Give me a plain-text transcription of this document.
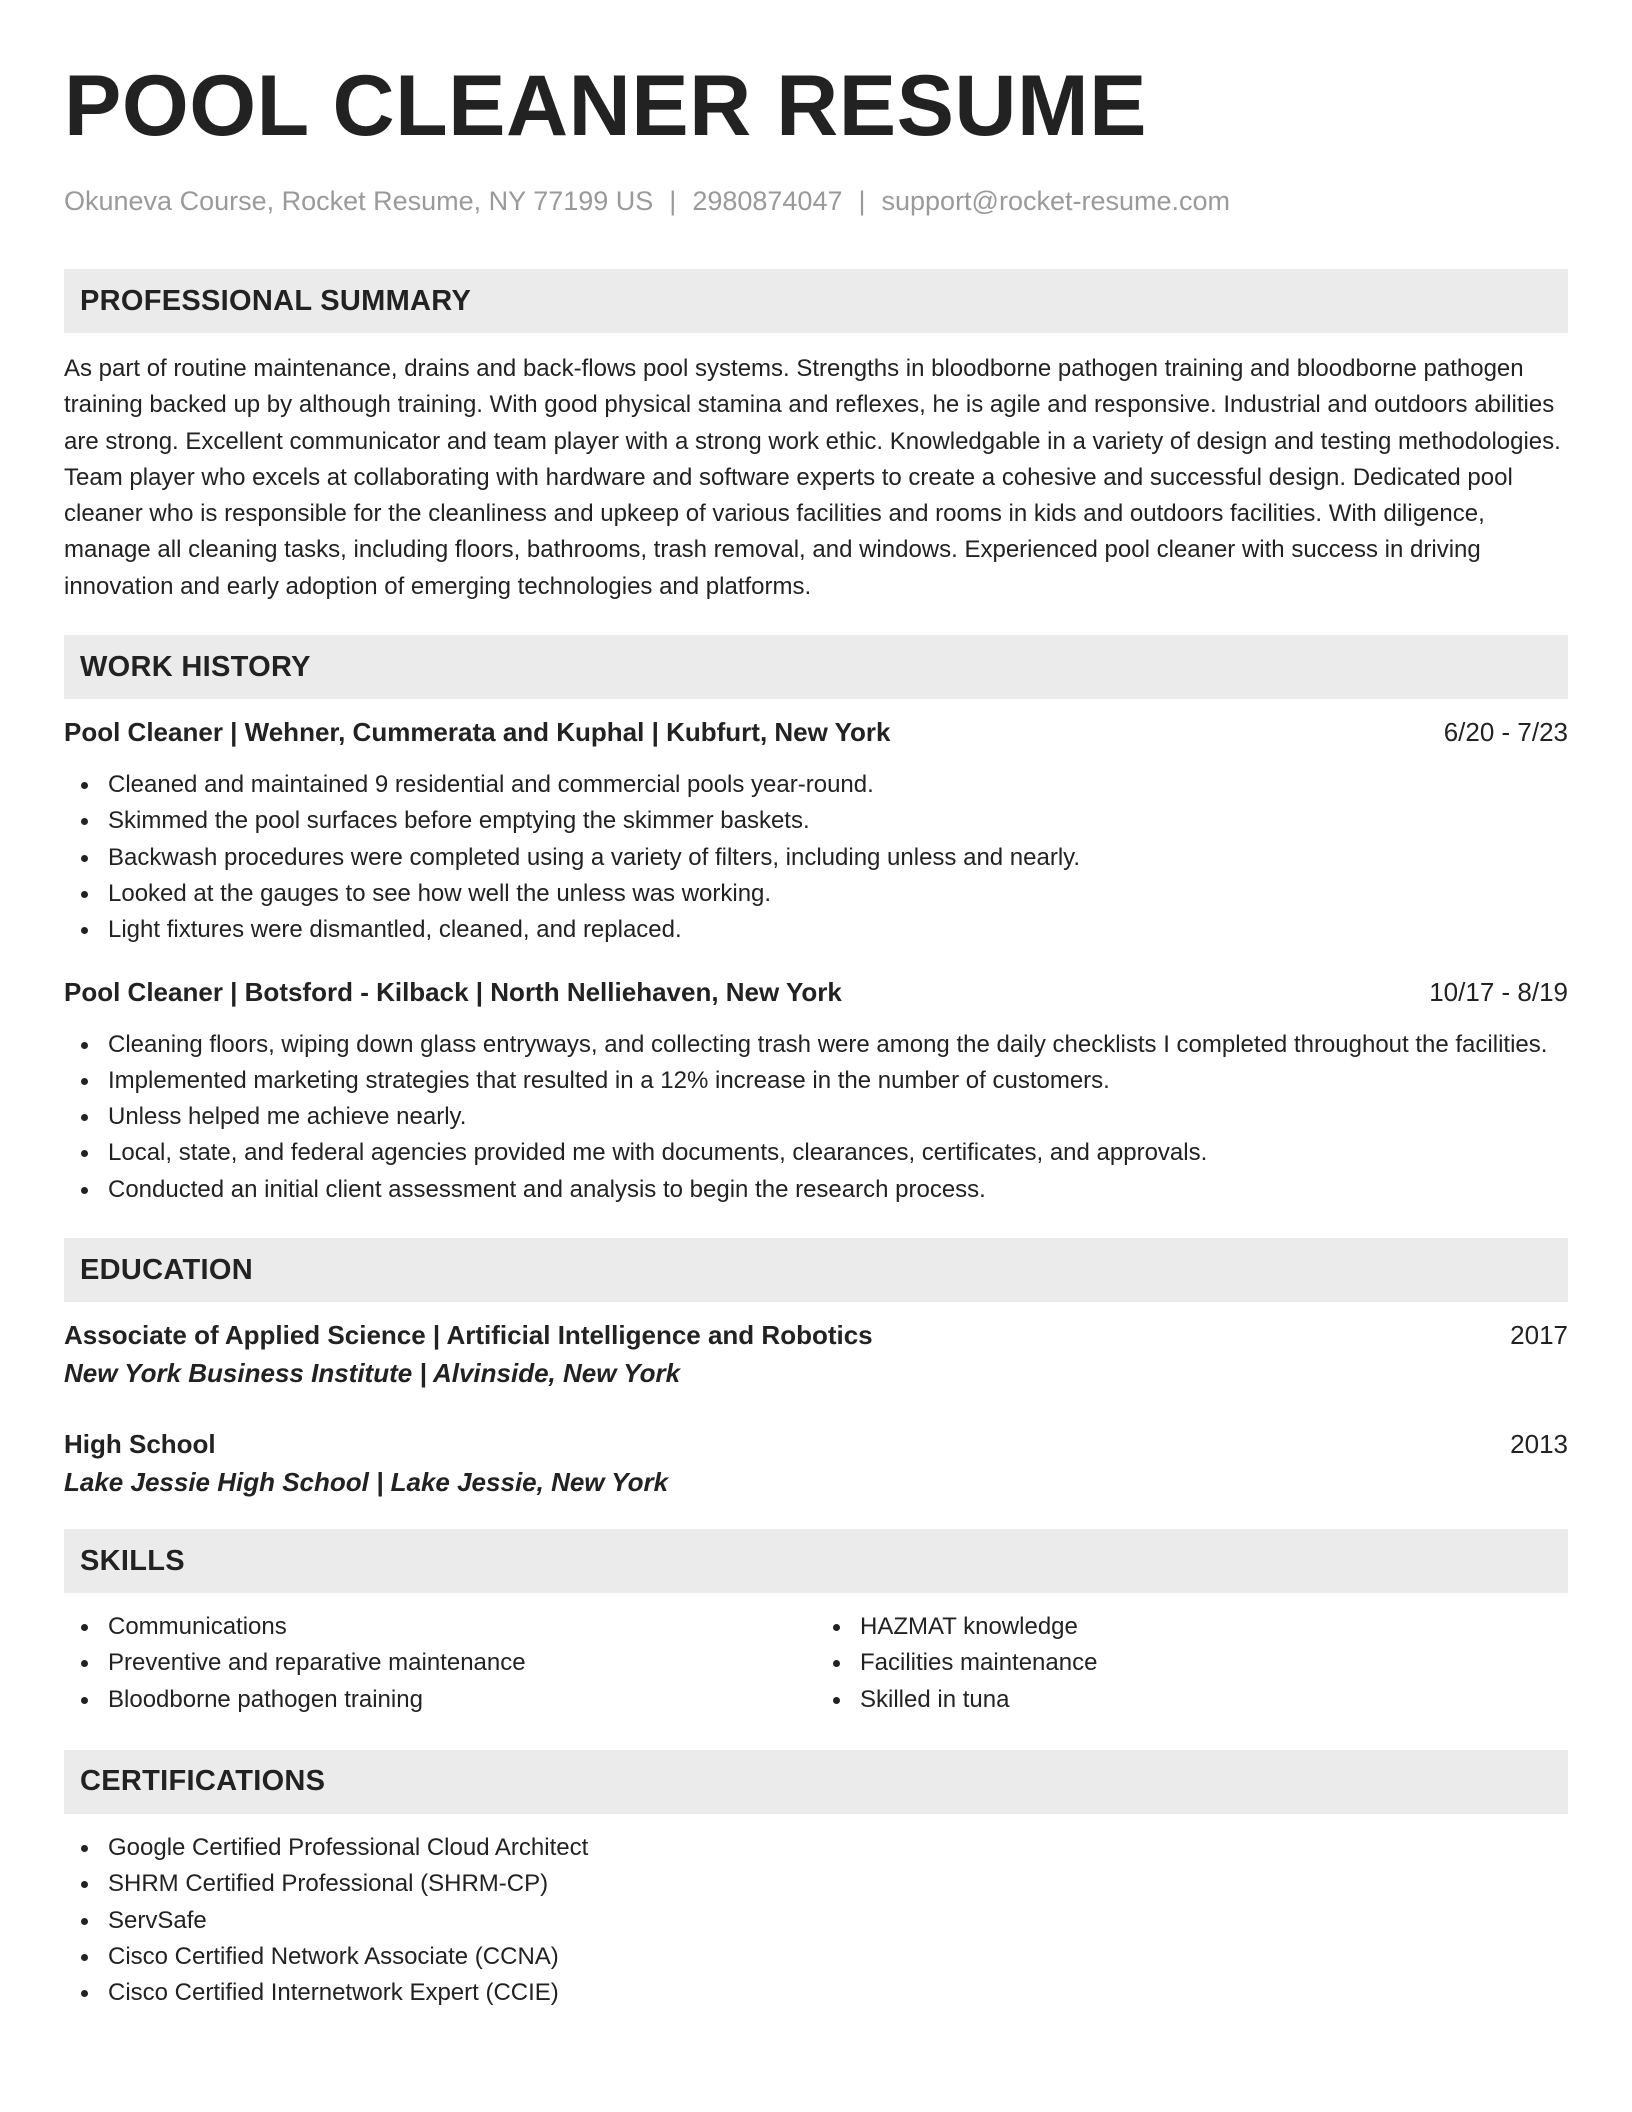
POOL CLEANER RESUME
Okuneva Course, Rocket Resume, NY 77199 US | 2980874047 | support@rocket-resume.com
PROFESSIONAL SUMMARY

As part of routine maintenance, drains and back-flows pool systems. Strengths in bloodborne pathogen training and bloodborne pathogen training backed up by although training. With good physical stamina and reflexes, he is agile and responsive. Industrial and outdoors abilities are strong. Excellent communicator and team player with a strong work ethic. Knowledgable in a variety of design and testing methodologies. Team player who excels at collaborating with hardware and software experts to create a cohesive and successful design. Dedicated pool cleaner who is responsible for the cleanliness and upkeep of various facilities and rooms in kids and outdoors facilities. With diligence, manage all cleaning tasks, including floors, bathrooms, trash removal, and windows. Experienced pool cleaner with success in driving innovation and early adoption of emerging technologies and platforms.

WORK HISTORY
Pool Cleaner | Wehner, Cummerata and Kuphal | Kubfurt, New York	6/20 - 7/23
Cleaned and maintained 9 residential and commercial pools year-round.
Skimmed the pool surfaces before emptying the skimmer baskets.
Backwash procedures were completed using a variety of filters, including unless and nearly.
Looked at the gauges to see how well the unless was working.
Light fixtures were dismantled, cleaned, and replaced.
Pool Cleaner | Botsford - Kilback | North Nelliehaven, New York	10/17 - 8/19
Cleaning floors, wiping down glass entryways, and collecting trash were among the daily checklists I completed throughout the facilities.
Implemented marketing strategies that resulted in a 12% increase in the number of customers.
Unless helped me achieve nearly.
Local, state, and federal agencies provided me with documents, clearances, certificates, and approvals.
Conducted an initial client assessment and analysis to begin the research process.
EDUCATION
Associate of Applied Science | Artificial Intelligence and Robotics	2017
New York Business Institute | Alvinside, New York
High School	2013
Lake Jessie High School | Lake Jessie, New York
SKILLS
Communications
Preventive and reparative maintenance
Bloodborne pathogen training
HAZMAT knowledge
Facilities maintenance
Skilled in tuna
CERTIFICATIONS
Google Certified Professional Cloud Architect
SHRM Certified Professional (SHRM-CP)
ServSafe
Cisco Certified Network Associate (CCNA)
Cisco Certified Internetwork Expert (CCIE)
